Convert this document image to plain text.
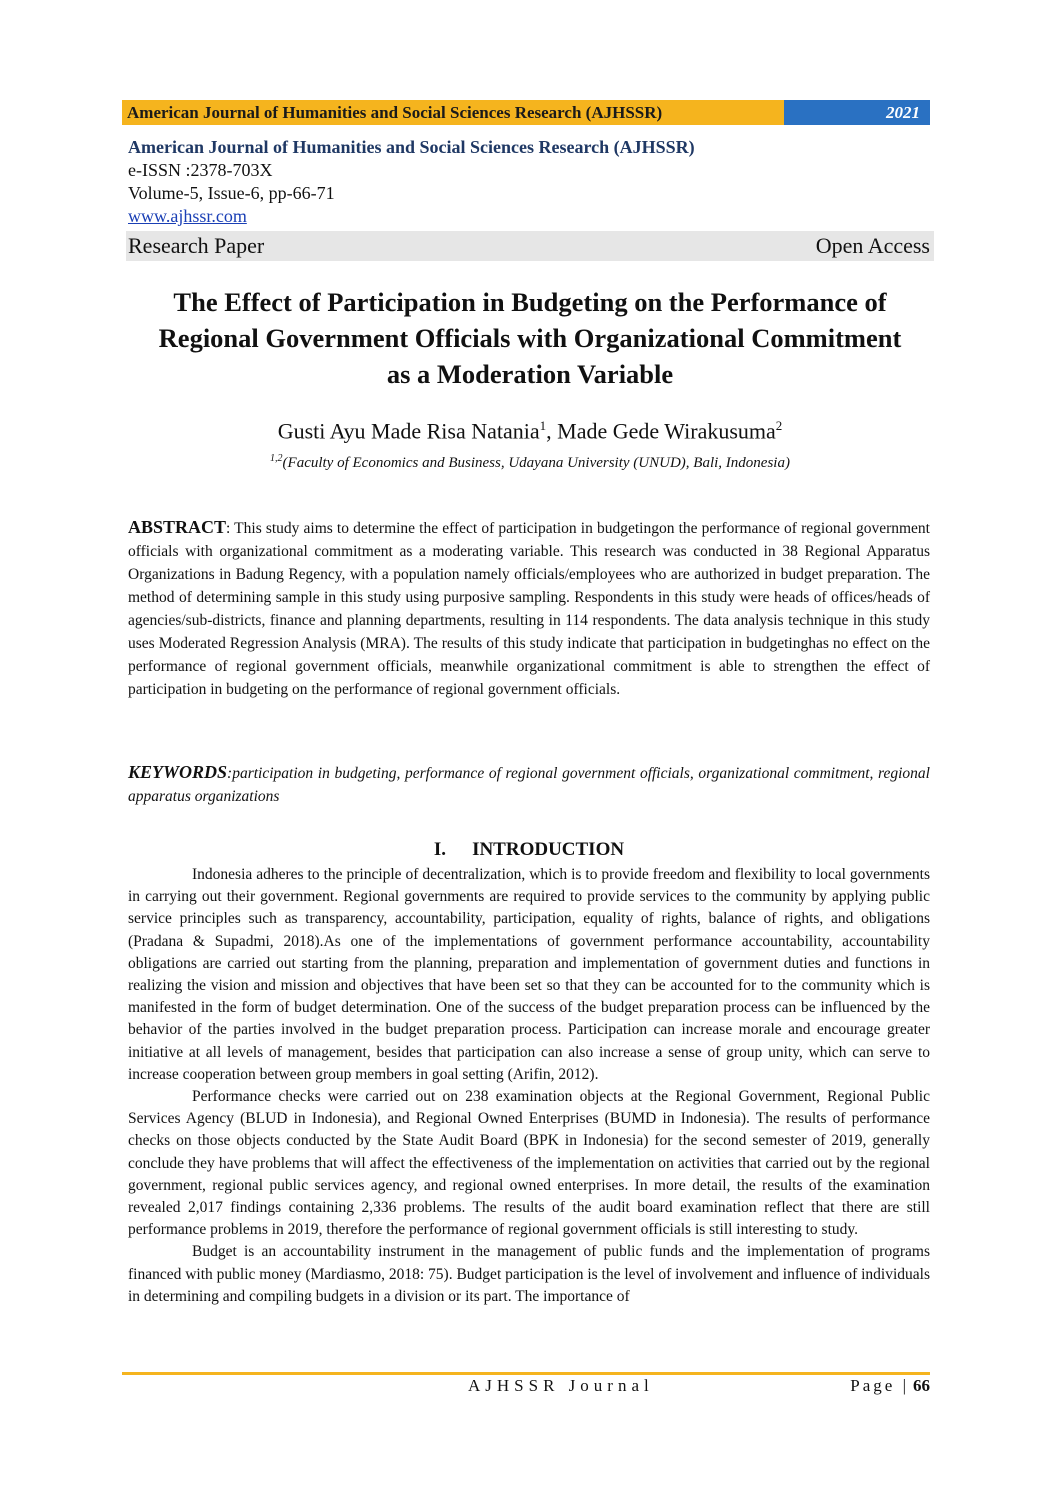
American Journal of Humanities and Social Sciences Research (AJHSSR)	2021
American Journal of Humanities and Social Sciences Research (AJHSSR)
e-ISSN :2378-703X
Volume-5, Issue-6, pp-66-71
www.ajhssr.com
Research Paper	Open Access
The Effect of Participation in Budgeting on the Performance of
Regional Government Officials with Organizational Commitment
as a Moderation Variable
Gusti Ayu Made Risa Natania$^1$, Made Gede Wirakusuma$^2$
$^{1,2}$(Faculty of Economics and Business, Udayana University (UNUD), Bali, Indonesia)
ABSTRACT: This study aims to determine the effect of participation in budgetingon the performance of regional government officials with organizational commitment as a moderating variable. This research was conducted in 38 Regional Apparatus Organizations in Badung Regency, with a population namely officials/employees who are authorized in budget preparation. The method of determining sample in this study using purposive sampling. Respondents in this study were heads of offices/heads of agencies/sub-districts, finance and planning departments, resulting in 114 respondents. The data analysis technique in this study uses Moderated Regression Analysis (MRA). The results of this study indicate that participation in budgetinghas no effect on the performance of regional government officials, meanwhile organizational commitment is able to strengthen the effect of participation in budgeting on the performance of regional government officials.
KEYWORDS:participation in budgeting, performance of regional government officials, organizational commitment, regional apparatus organizations
I. INTRODUCTION

Indonesia adheres to the principle of decentralization, which is to provide freedom and flexibility to local governments in carrying out their government. Regional governments are required to provide services to the community by applying public service principles such as transparency, accountability, participation, equality of rights, balance of rights, and obligations (Pradana & Supadmi, 2018).As one of the implementations of government performance accountability, accountability obligations are carried out starting from the planning, preparation and implementation of government duties and functions in realizing the vision and mission and objectives that have been set so that they can be accounted for to the community which is manifested in the form of budget determination. One of the success of the budget preparation process can be influenced by the behavior of the parties involved in the budget preparation process. Participation can increase morale and encourage greater initiative at all levels of management, besides that participation can also increase a sense of group unity, which can serve to increase cooperation between group members in goal setting (Arifin, 2012).

Performance checks were carried out on 238 examination objects at the Regional Government, Regional Public Services Agency (BLUD in Indonesia), and Regional Owned Enterprises (BUMD in Indonesia). The results of performance checks on those objects conducted by the State Audit Board (BPK in Indonesia) for the second semester of 2019, generally conclude they have problems that will affect the effectiveness of the implementation on activities that carried out by the regional government, regional public services agency, and regional owned enterprises. In more detail, the results of the examination revealed 2,017 findings containing 2,336 problems. The results of the audit board examination reflect that there are still performance problems in 2019, therefore the performance of regional government officials is still interesting to study.

Budget is an accountability instrument in the management of public funds and the implementation of programs financed with public money (Mardiasmo, 2018: 75). Budget participation is the level of involvement and influence of individuals in determining and compiling budgets in a division or its part. The importance of

AJHSSR Journal	Page | 66
